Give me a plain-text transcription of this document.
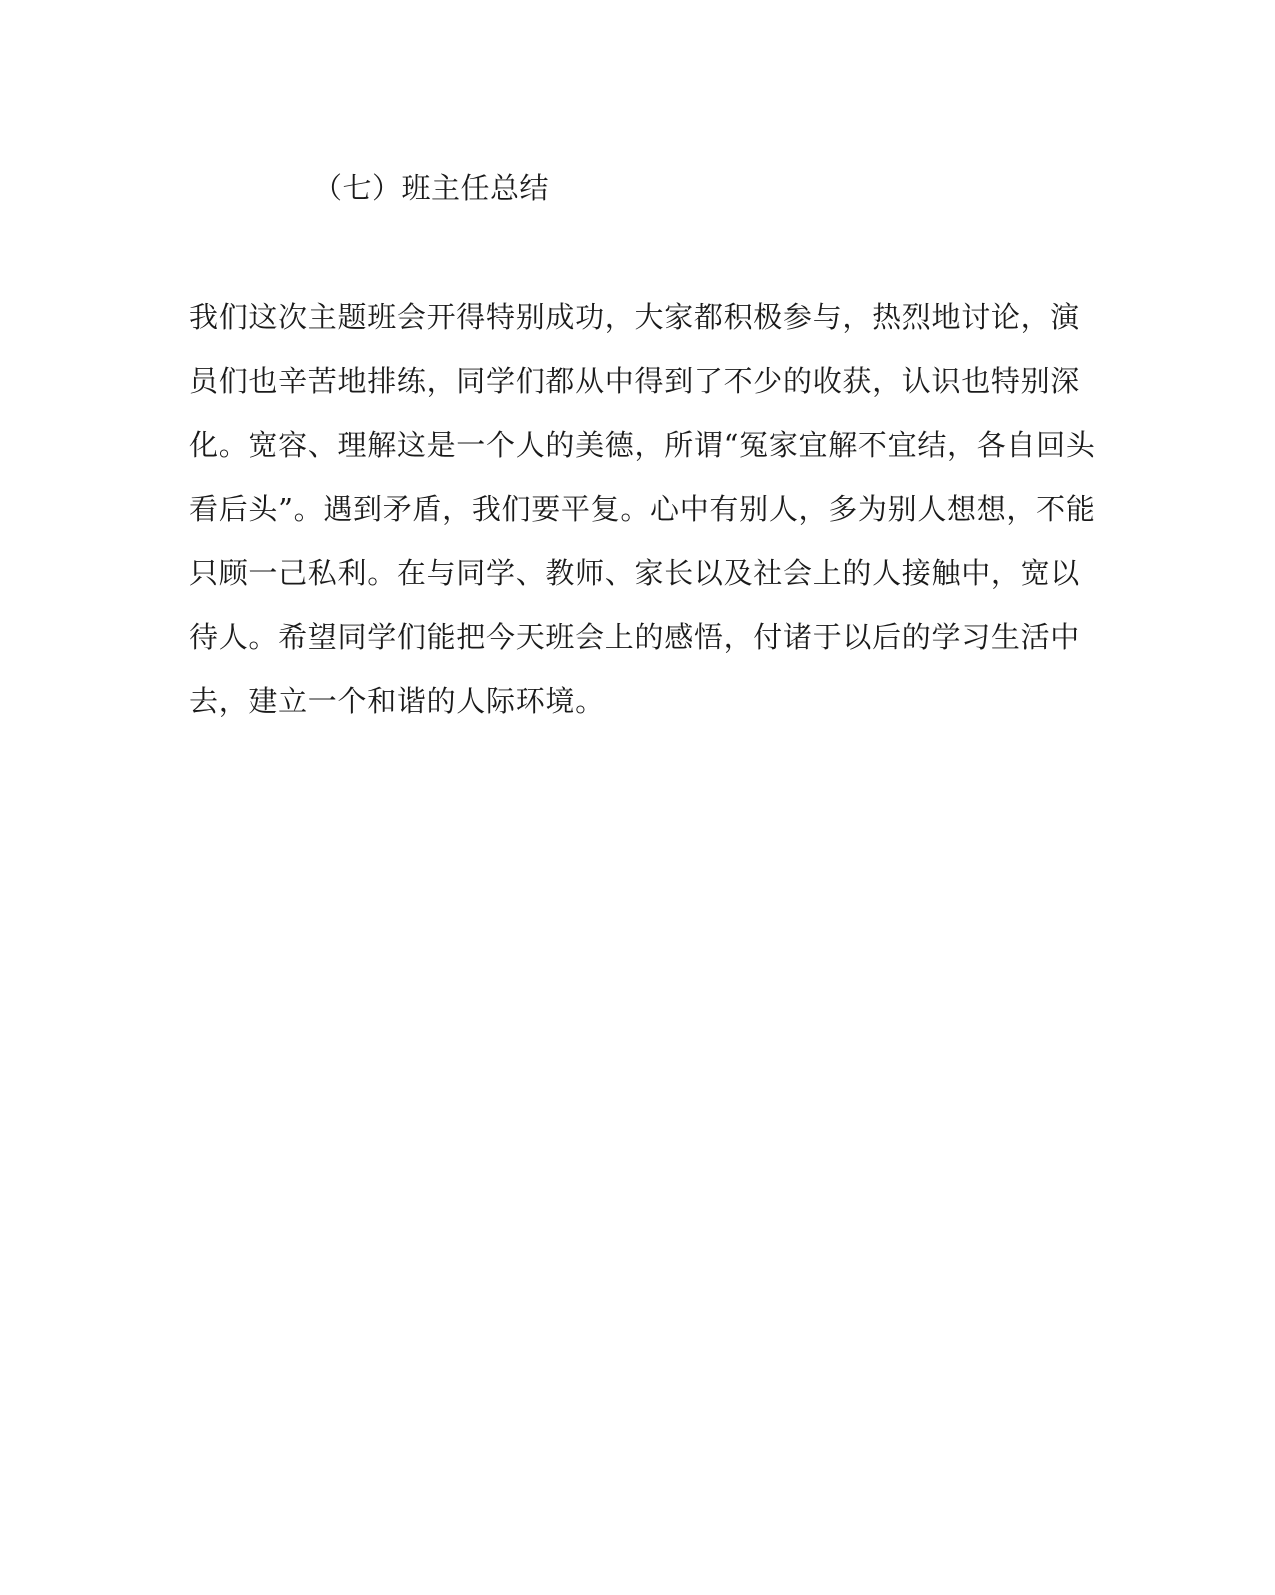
（七）班主任总结
我们这次主题班会开得特别成功，大家都积极参与，热烈地讨论，演
员们也辛苦地排练，同学们都从中得到了不少的收获，认识也特别深
化。宽容、理解这是一个人的美德，所谓“冤家宜解不宜结，各自回头
看后头”。遇到矛盾，我们要平复。心中有别人，多为别人想想，不能
只顾一己私利。在与同学、教师、家长以及社会上的人接触中，宽以
待人。希望同学们能把今天班会上的感悟，付诸于以后的学习生活中
去，建立一个和谐的人际环境。
